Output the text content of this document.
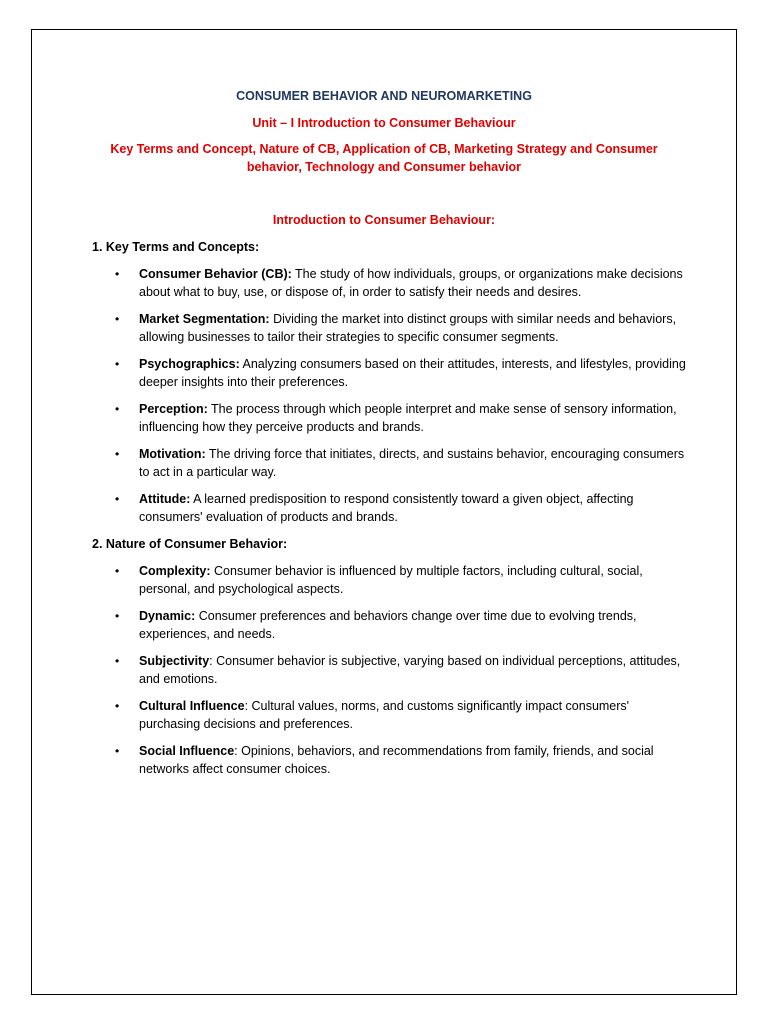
CONSUMER BEHAVIOR AND NEUROMARKETING
Unit – I Introduction to Consumer Behaviour
Key Terms and Concept, Nature of CB, Application of CB, Marketing Strategy and Consumer behavior, Technology and Consumer behavior
Introduction to Consumer Behaviour:
1. Key Terms and Concepts:
• Consumer Behavior (CB): The study of how individuals, groups, or organizations make decisions about what to buy, use, or dispose of, in order to satisfy their needs and desires.
• Market Segmentation: Dividing the market into distinct groups with similar needs and behaviors, allowing businesses to tailor their strategies to specific consumer segments.
• Psychographics: Analyzing consumers based on their attitudes, interests, and lifestyles, providing deeper insights into their preferences.
• Perception: The process through which people interpret and make sense of sensory information, influencing how they perceive products and brands.
• Motivation: The driving force that initiates, directs, and sustains behavior, encouraging consumers to act in a particular way.
• Attitude: A learned predisposition to respond consistently toward a given object, affecting consumers' evaluation of products and brands.
2. Nature of Consumer Behavior:
• Complexity: Consumer behavior is influenced by multiple factors, including cultural, social, personal, and psychological aspects.
• Dynamic: Consumer preferences and behaviors change over time due to evolving trends, experiences, and needs.
• Subjectivity: Consumer behavior is subjective, varying based on individual perceptions, attitudes, and emotions.
• Cultural Influence: Cultural values, norms, and customs significantly impact consumers' purchasing decisions and preferences.
• Social Influence: Opinions, behaviors, and recommendations from family, friends, and social networks affect consumer choices.
